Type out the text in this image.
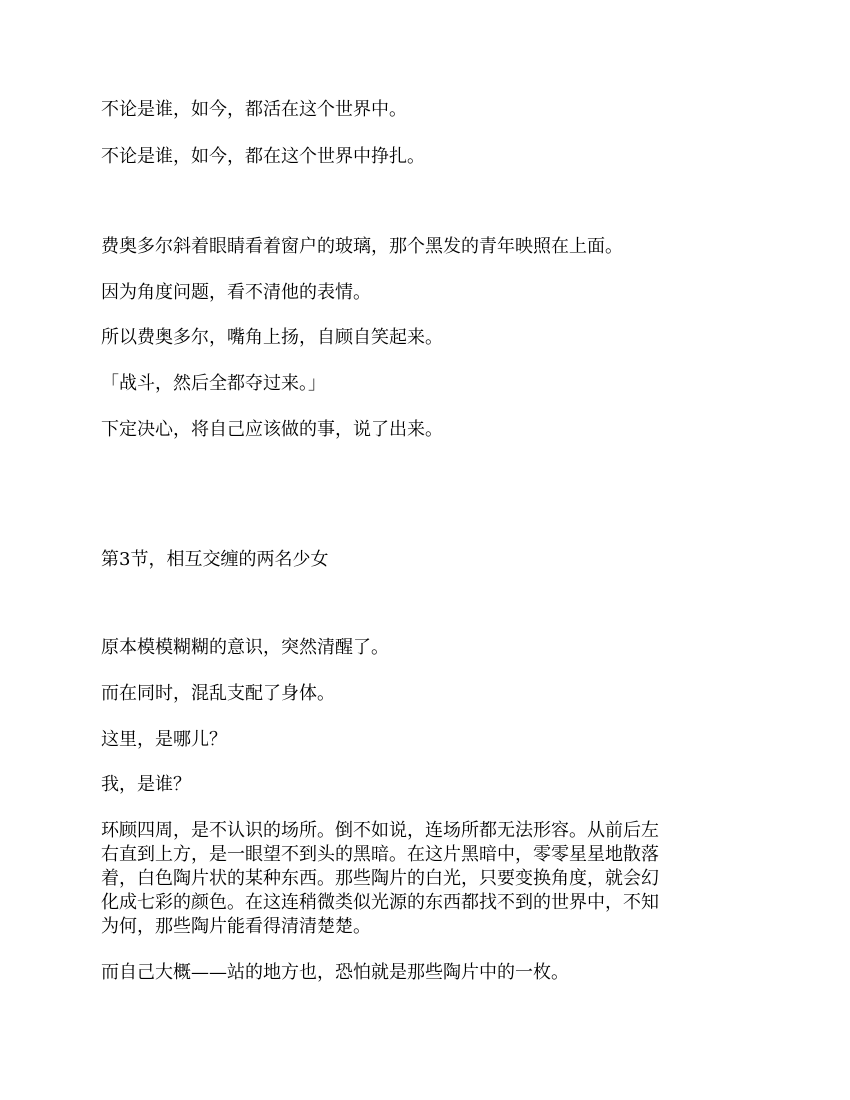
不论是谁，如今，都活在这个世界中。

不论是谁，如今，都在这个世界中挣扎。

费奥多尔斜着眼睛看着窗户的玻璃，那个黑发的青年映照在上面。

因为角度问题，看不清他的表情。

所以费奥多尔，嘴角上扬，自顾自笑起来。

「战斗，然后全都夺过来。」

下定决心，将自己应该做的事，说了出来。

第3节，相互交缠的两名少女

原本模模糊糊的意识，突然清醒了。

而在同时，混乱支配了身体。

这里，是哪儿？

我，是谁？

环顾四周，是不认识的场所。倒不如说，连场所都无法形容。从前后左

右直到上方，是一眼望不到头的黑暗。在这片黑暗中，零零星星地散落

着，白色陶片状的某种东西。那些陶片的白光，只要变换角度，就会幻

化成七彩的颜色。在这连稍微类似光源的东西都找不到的世界中，不知

为何，那些陶片能看得清清楚楚。

而自己大概——站的地方也，恐怕就是那些陶片中的一枚。
